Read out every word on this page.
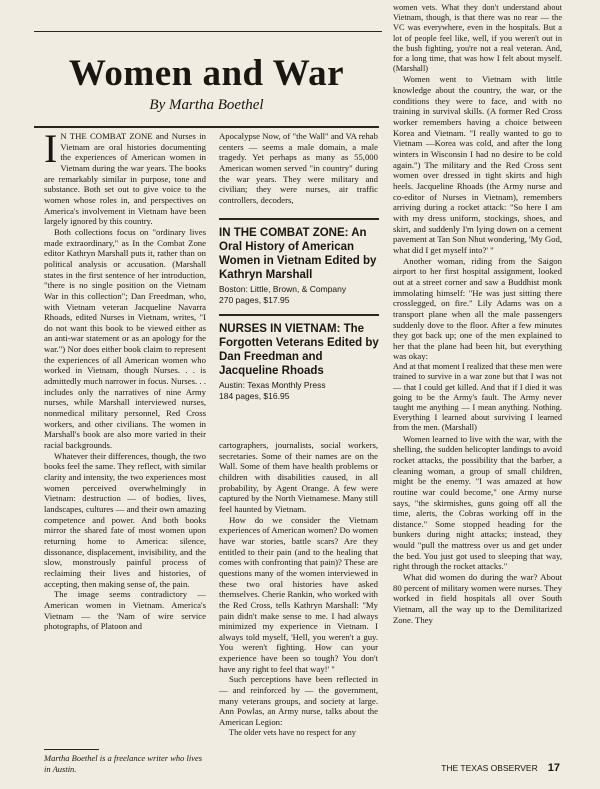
Women and War
By Martha Boethel

I N THE COMBAT ZONE and Nurses in Vietnam are oral histories documenting the experiences of American women in Vietnam during the war years. The books are remarkably similar in purpose, tone and substance. Both set out to give voice to the women whose roles in, and perspectives on America's involvement in Vietnam have been largely ignored by this country.

Both collections focus on "ordinary lives made extraordinary," as In the Combat Zone editor Kathryn Marshall puts it, rather than on political analysis or accusation. (Marshall states in the first sentence of her introduction, "there is no single position on the Vietnam War in this collection"; Dan Freedman, who, with Vietnam veteran Jacqueline Navarra Rhoads, edited Nurses in Vietnam, writes, "I do not want this book to be viewed either as an anti-war statement or as an apology for the war.") Nor does either book claim to represent the experiences of all American women who worked in Vietnam, though Nurses. . . is admittedly much narrower in focus. Nurses. . . includes only the narratives of nine Army nurses, while Marshall interviewed nurses, nonmedical military personnel, Red Cross workers, and other civilians. The women in Marshall's book are also more varied in their racial backgrounds.

Whatever their differences, though, the two books feel the same. They reflect, with similar clarity and intensity, the two experiences most women perceived overwhelmingly in Vietnam: destruction — of bodies, lives, landscapes, cultures — and their own amazing competence and power. And both books mirror the shared fate of most women upon returning home to America: silence, dissonance, displacement, invisibility, and the slow, monstrously painful process of reclaiming their lives and histories, of accepting, then making sense of, the pain.

The image seems contradictory — American women in Vietnam. America's Vietnam — the 'Nam of wire service photographs, of Platoon and

Apocalypse Now, of "the Wall" and VA rehab centers — seems a male domain, a male tragedy. Yet perhaps as many as 55,000 American women served "in country" during the war years. They were military and civilian; they were nurses, air traffic controllers, decoders,

IN THE COMBAT ZONE: An Oral History of American Women in Vietnam Edited by Kathryn Marshall
Boston: Little, Brown, & Company
270 pages, $17.95
NURSES IN VIETNAM: The Forgotten Veterans Edited by Dan Freedman and Jacqueline Rhoads
Austin: Texas Monthly Press
184 pages, $16.95

cartographers, journalists, social workers, secretaries. Some of their names are on the Wall. Some of them have health problems or children with disabilities caused, in all probability, by Agent Orange. A few were captured by the North Vietnamese. Many still feel haunted by Vietnam.

How do we consider the Vietnam experiences of American women? Do women have war stories, battle scars? Are they entitled to their pain (and to the healing that comes with confronting that pain)? These are questions many of the women interviewed in these two oral histories have asked themselves. Cherie Rankin, who worked with the Red Cross, tells Kathryn Marshall: "My pain didn't make sense to me. I had always minimized my experience in Vietnam. I always told myself, 'Hell, you weren't a guy. You weren't fighting. How can your experience have been so tough? You don't have any right to feel that way!' "

Such perceptions have been reflected in — and reinforced by — the government, many veterans groups, and society at large. Ann Powlas, an Army nurse, talks about the American Legion:

The older vets have no respect for any

women vets. What they don't understand about Vietnam, though, is that there was no rear — the VC was everywhere, even in the hospitals. But a lot of people feel like, well, if you weren't out in the bush fighting, you're not a real veteran. And, for a long time, that was how I felt about myself. (Marshall)

Women went to Vietnam with little knowledge about the country, the war, or the conditions they were to face, and with no training in survival skills. (A former Red Cross worker remembers having a choice between Korea and Vietnam. "I really wanted to go to Vietnam —Korea was cold, and after the long winters in Wisconsin I had no desire to be cold again.") The military and the Red Cross sent women over dressed in tight skirts and high heels. Jacqueline Rhoads (the Army nurse and co-editor of Nurses in Vietnam), remembers arriving during a rocket attack: "So here I am with my dress uniform, stockings, shoes, and skirt, and suddenly I'm lying down on a cement pavement at Tan Son Nhut wondering, 'My God, what did I get myself into?' "

Another woman, riding from the Saigon airport to her first hospital assignment, looked out at a street corner and saw a Buddhist monk immolating himself: "He was just sitting there crosslegged, on fire." Lily Adams was on a transport plane when all the male passengers suddenly dove to the floor. After a few minutes they got back up; one of the men explained to her that the plane had been hit, but everything was okay:

And at that moment I realized that these men were trained to survive in a war zone but that I was not — that I could get killed. And that if I died it was going to be the Army's fault. The Army never taught me anything — I mean anything. Nothing. Everything I learned about surviving I learned from the men. (Marshall)

Women learned to live with the war, with the shelling, the sudden helicopter landings to avoid rocket attacks, the possibility that the barber, a cleaning woman, a group of small children, might be the enemy. "I was amazed at how routine war could become," one Army nurse says, "the skirmishes, guns going off all the time, alerts, the Cobras working off in the distance." Some stopped heading for the bunkers during night attacks; instead, they would "pull the mattress over us and get under the bed. You just got used to sleeping that way, right through the rocket attacks."

What did women do during the war? About 80 percent of military women were nurses. They worked in field hospitals all over South Vietnam, all the way up to the Demilitarized Zone. They

Martha Boethel is a freelance writer who lives in Austin.	THE TEXAS OBSERVER 17
